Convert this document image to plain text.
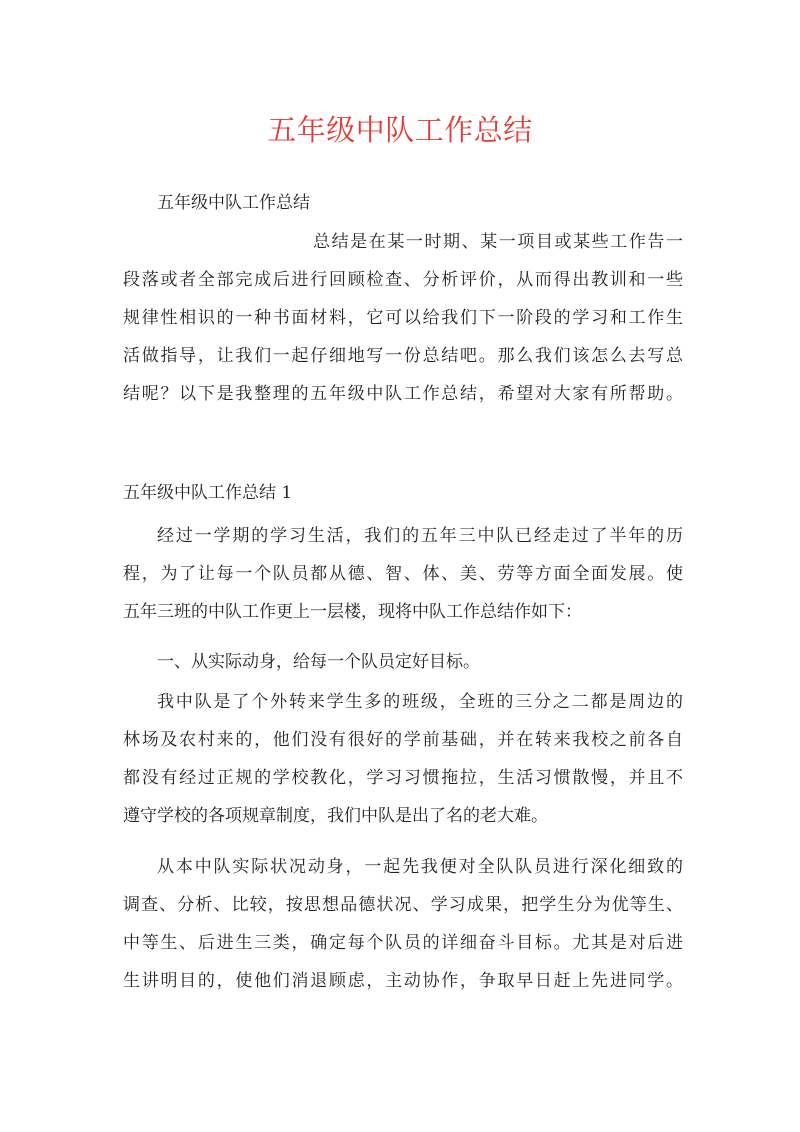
五年级中队工作总结
五年级中队工作总结
总结是在某一时期、某一项目或某些工作告一
段落或者全部完成后进行回顾检查、分析评价，从而得出教训和一些
规律性相识的一种书面材料，它可以给我们下一阶段的学习和工作生
活做指导，让我们一起仔细地写一份总结吧。那么我们该怎么去写总
结呢？以下是我整理的五年级中队工作总结，希望对大家有所帮助。
五年级中队工作总结 1
经过一学期的学习生活，我们的五年三中队已经走过了半年的历
程，为了让每一个队员都从德、智、体、美、劳等方面全面发展。使
五年三班的中队工作更上一层楼，现将中队工作总结作如下：
一、从实际动身，给每一个队员定好目标。
我中队是了个外转来学生多的班级，全班的三分之二都是周边的
林场及农村来的，他们没有很好的学前基础，并在转来我校之前各自
都没有经过正规的学校教化，学习习惯拖拉，生活习惯散慢，并且不
遵守学校的各项规章制度，我们中队是出了名的老大难。
从本中队实际状况动身，一起先我便对全队队员进行深化细致的
调查、分析、比较，按思想品德状况、学习成果，把学生分为优等生、
中等生、后进生三类，确定每个队员的详细奋斗目标。尤其是对后进
生讲明目的，使他们消退顾虑，主动协作，争取早日赶上先进同学。
